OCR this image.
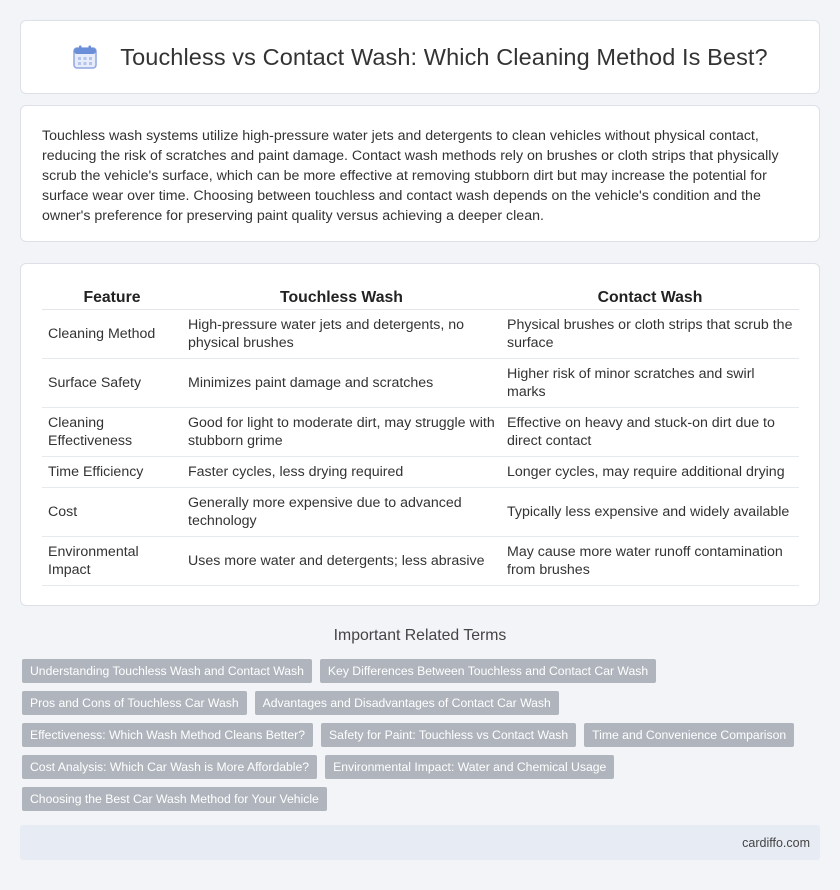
Touchless vs Contact Wash: Which Cleaning Method Is Best?

Touchless wash systems utilize high-pressure water jets and detergents to clean vehicles without physical contact, reducing the risk of scratches and paint damage. Contact wash methods rely on brushes or cloth strips that physically scrub the vehicle's surface, which can be more effective at removing stubborn dirt but may increase the potential for surface wear over time. Choosing between touchless and contact wash depends on the vehicle's condition and the owner's preference for preserving paint quality versus achieving a deeper clean.

Feature	Touchless Wash	Contact Wash
Cleaning Method	High-pressure water jets and detergents, no physical brushes	Physical brushes or cloth strips that scrub the surface
Surface Safety	Minimizes paint damage and scratches	Higher risk of minor scratches and swirl marks
Cleaning Effectiveness	Good for light to moderate dirt, may struggle with stubborn grime	Effective on heavy and stuck-on dirt due to direct contact
Time Efficiency	Faster cycles, less drying required	Longer cycles, may require additional drying
Cost	Generally more expensive due to advanced technology	Typically less expensive and widely available
Environmental Impact	Uses more water and detergents; less abrasive	May cause more water runoff contamination from brushes
Important Related Terms
Understanding Touchless Wash and Contact Wash	Key Differences Between Touchless and Contact Car Wash
Pros and Cons of Touchless Car Wash	Advantages and Disadvantages of Contact Car Wash
Effectiveness: Which Wash Method Cleans Better?	Safety for Paint: Touchless vs Contact Wash	Time and Convenience Comparison
Cost Analysis: Which Car Wash is More Affordable?	Environmental Impact: Water and Chemical Usage
Choosing the Best Car Wash Method for Your Vehicle
cardiffo.com
